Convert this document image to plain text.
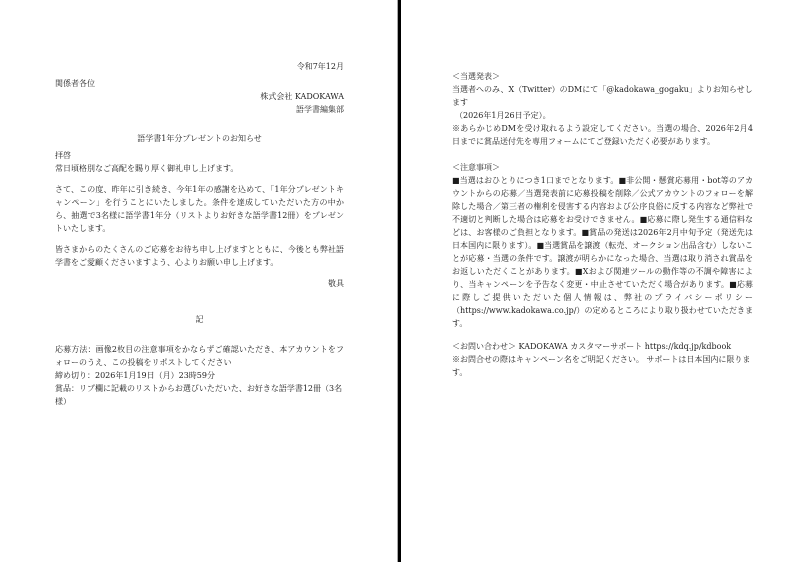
令和7年12月
関係者各位
株式会社 KADOKAWA
語学書編集部
語学書1年分プレゼントのお知らせ
拝啓
常日頃格別なご高配を賜り厚く御礼申し上げます。
さて、この度、昨年に引き続き、今年1年の感謝を込めて、「1年分プレゼントキャンペーン」を行うことにいたしました。条件を達成していただいた方の中から、抽選で3名様に語学書1年分（リストよりお好きな語学書12冊）をプレゼントいたします。
皆さまからのたくさんのご応募をお待ち申し上げますとともに、今後とも弊社語学書をご愛顧くださいますよう、心よりお願い申し上げます。
敬具
記
応募方法：画像2枚目の注意事項をかならずご確認いただき、本アカウントをフォローのうえ、この投稿をリポストしてください
締め切り：2026年1月19日（月）23時59分
賞品：リプ欄に記載のリストからお選びいただいた、お好きな語学書12冊（3名様）
＜当選発表＞
当選者へのみ、X（Twitter）のDMにて「@kadokawa_gogaku」よりお知らせします
（2026年1月26日予定）。
※あらかじめDMを受け取れるよう設定してください。当選の場合、2026年2月4日までに賞品送付先を専用フォームにてご登録いただく必要があります。
＜注意事項＞
■当選はおひとりにつき1口までとなります。■非公開・懸賞応募用・bot等のアカウントからの応募／当選発表前に応募投稿を削除／公式アカウントのフォローを解除した場合／第三者の権利を侵害する内容および公序良俗に反する内容など弊社で不適切と判断した場合は応募をお受けできません。■応募に際し発生する通信料などは、お客様のご負担となります。■賞品の発送は2026年2月中旬予定（発送先は日本国内に限ります）。■当選賞品を譲渡（転売、オークション出品含む）しないことが応募・当選の条件です。譲渡が明らかになった場合、当選は取り消され賞品をお返しいただくことがあります。■Xおよび関連ツールの動作等の不調や障害により、当キャンペーンを予告なく変更・中止させていただく場合があります。■応募に際しご提供いただいた個人情報は、弊社のプライバシーポリシー（https://www.kadokawa.co.jp/）の定めるところにより取り扱わせていただきます。
＜お問い合わせ＞ KADOKAWA カスタマーサポート https://kdq.jp/kdbook
※お問合せの際はキャンペーン名をご明記ください。 サポートは日本国内に限ります。
